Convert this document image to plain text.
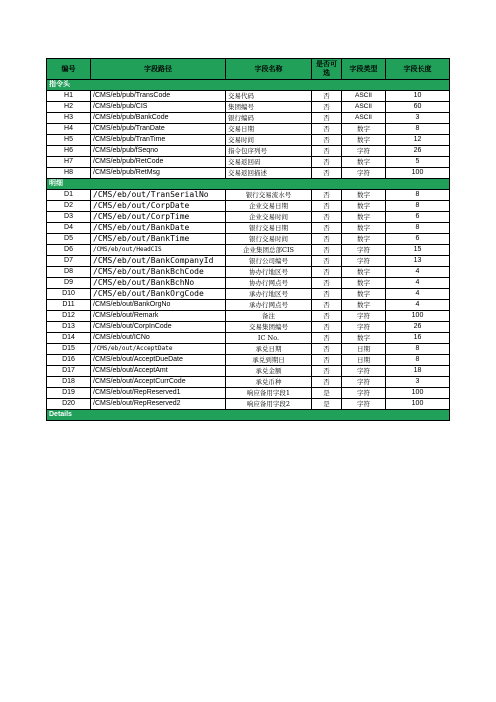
编号	字段路径	字段名称	是否可选	字段类型	字段长度
指令头					
H1	/CMS/eb/pub/TransCode	交易代码	否	ASCII	10
H2	/CMS/eb/pub/CIS	集团编号	否	ASCII	60
H3	/CMS/eb/pub/BankCode	银行编码	否	ASCII	3
H4	/CMS/eb/pub/TranDate	交易日期	否	数字	8
H5	/CMS/eb/pub/TranTime	交易时间	否	数字	12
H6	/CMS/eb/pub/fSeqno	指令包序列号	否	字符	26
H7	/CMS/eb/pub/RetCode	交易返回码	否	数字	5
H8	/CMS/eb/pub/RetMsg	交易返回描述	否	字符	100
明细					
D1	/CMS/eb/out/TranSerialNo	银行交易流水号	否	数字	8
D2	/CMS/eb/out/CorpDate	企业交易日期	否	数字	8
D3	/CMS/eb/out/CorpTime	企业交易时间	否	数字	6
D4	/CMS/eb/out/BankDate	银行交易日期	否	数字	8
D5	/CMS/eb/out/BankTime	银行交易时间	否	数字	6
D6	/CMS/eb/out/HeadCIS	企业集团总部CIS	否	字符	15
D7	/CMS/eb/out/BankCompanyId	银行公司编号	否	字符	13
D8	/CMS/eb/out/BankBchCode	协办行地区号	否	数字	4
D9	/CMS/eb/out/BankBchNo	协办行网点号	否	数字	4
D10	/CMS/eb/out/BankOrgCode	承办行地区号	否	数字	4
D11	/CMS/eb/out/BankOrgNo	承办行网点号	否	数字	4
D12	/CMS/eb/out/Remark	备注	否	字符	100
D13	/CMS/eb/out/CorpInCode	交易集团编号	否	字符	26
D14	/CMS/eb/out/ICNo	IC No.	否	数字	16
D15	/CMS/eb/out/AcceptDate	承兑日期	否	日期	8
D16	/CMS/eb/out/AcceptDueDate	承兑到期日	否	日期	8
D17	/CMS/eb/out/AcceptAmt	承兑金额	否	字符	18
D18	/CMS/eb/out/AcceptCurrCode	承兑币种	否	字符	3
D19	/CMS/eb/out/RepReserved1	响应备用字段1	是	字符	100
D20	/CMS/eb/out/RepReserved2	响应备用字段2	是	字符	100
Details					
